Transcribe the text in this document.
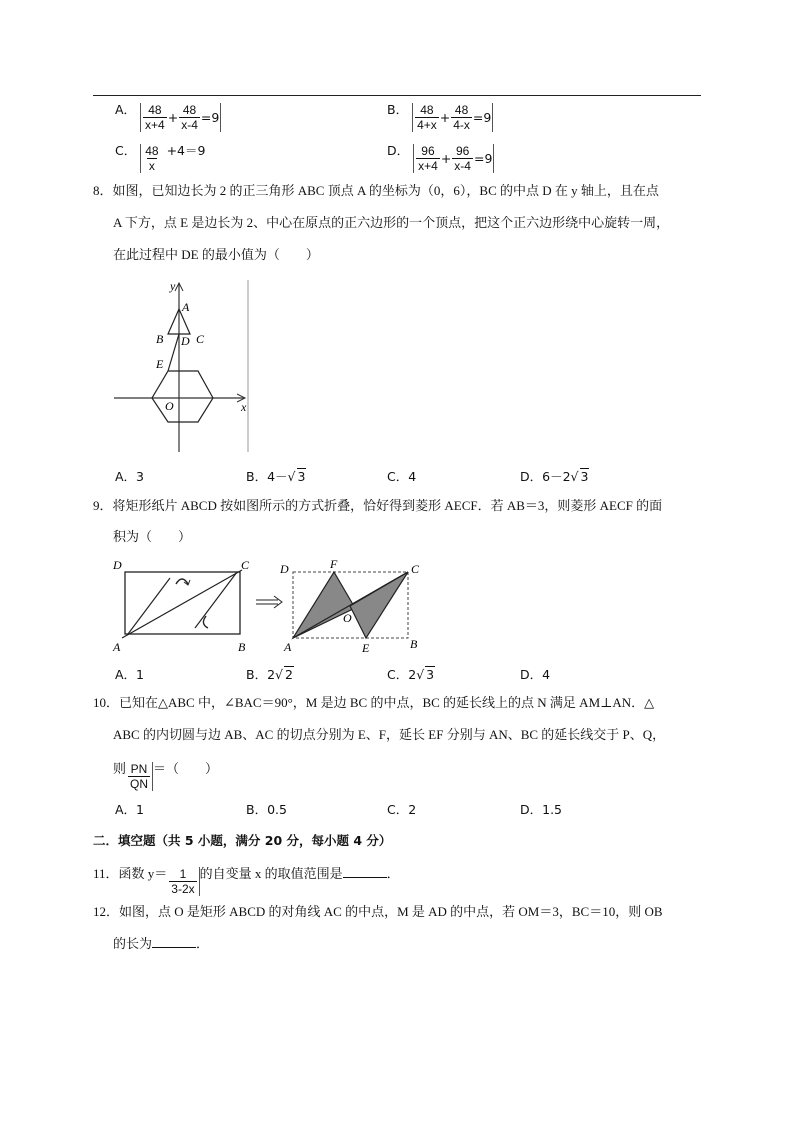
A． $\frac{48}{x+4} + \frac{48}{x-4} =9$
B． $\frac{48}{4+x} + \frac{48}{4-x} =9$
C． $\frac{48}{x} +4=9$	D． $\frac{96}{x+4} + \frac{96}{x-4} =9$
8．如图，已知边长为 2 的正三角形 ABC 顶点 A 的坐标为（0，6），BC 的中点 D 在 y 轴上，且在点
A 下方，点 E 是边长为 2、中心在原点的正六边形的一个顶点，把这个正六边形绕中心旋转一周，
在此过程中 DE 的最小值为（　　）
y
x
A
B	C
D
E
O
A．3	B．4－√ 3	C．4	D．6－2√ 3
9．将矩形纸片 ABCD 按如图所示的方式折叠，恰好得到菱形 AECF．若 AB＝3，则菱形 AECF 的面
积为（　　）
D	C
A	B
D	F	C
O
A	E	B
A．1	B．2√ 2	C．2√ 3	D．4
10．已知在△ABC 中，∠BAC＝90°，M 是边 BC 的中点，BC 的延长线上的点 N 满足 AM⊥AN．△
ABC 的内切圆与边 AB、AC 的切点分别为 E、F，延长 EF 分别与 AN、BC 的延长线交于 P、Q，
则 $\frac{PN}{QN}$ ＝（　　）
A．1	B．0.5	C．2	D．1.5
二．填空题（共 5 小题，满分 20 分，每小题 4 分）
11．函数 $y= \frac{1}{3-2x}$ 的自变量 x 的取值范围是	．
12．如图，点 O 是矩形 ABCD 的对角线 AC 的中点，M 是 AD 的中点，若 OM＝3，BC＝10，则 OB
的长为	．
